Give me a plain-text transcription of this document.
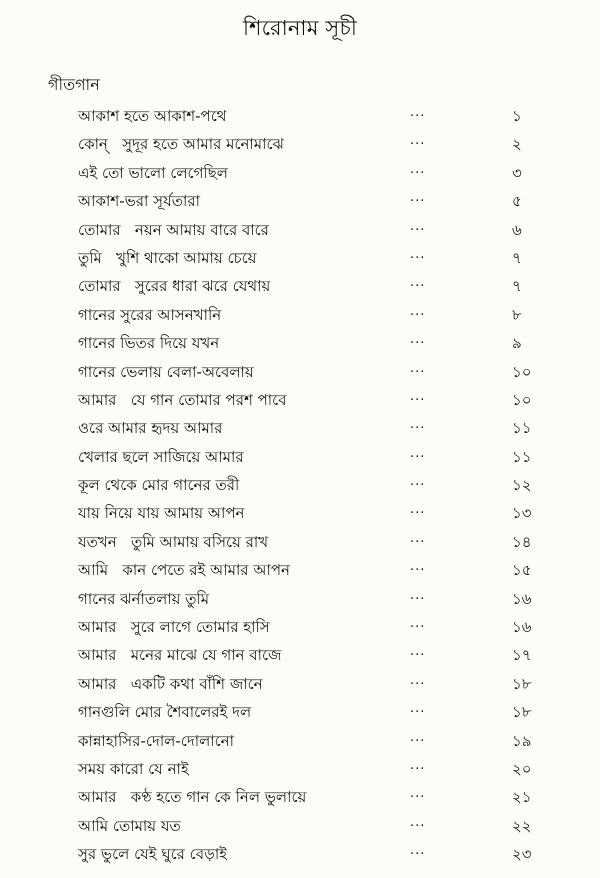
শিরোনাম সূচী
গীতগান
আকাশ হতে আকাশ-পথে	...	১
কোন্   সুদূর হতে আমার মনোমাঝে	...	২
এই তো ভালো লেগেছিল	...	৩
আকাশ-ভরা সূর্যতারা	...	৫
তোমার   নয়ন আমায় বারে বারে	...	৬
তুমি   খুশি থাকো আমায় চেয়ে	...	৭
তোমার   সুরের ধারা ঝরে যেথায়	...	৭
গানের সুরের আসনখানি	...	৮
গানের ভিতর দিয়ে যখন	...	৯
গানের ভেলায় বেলা-অবেলায়	...	১০
আমার   যে গান তোমার পরশ পাবে	...	১০
ওরে আমার হৃদয় আমার	...	১১
খেলার ছলে সাজিয়ে আমার	...	১১
কূল থেকে মোর গানের তরী	...	১২
যায় নিয়ে যায় আমায় আপন	...	১৩
যতখন   তুমি আমায় বসিয়ে রাখ	...	১৪
আমি   কান পেতে রই আমার আপন	...	১৫
গানের ঝর্নাতলায় তুমি	...	১৬
আমার   সুরে লাগে তোমার হাসি	...	১৬
আমার   মনের মাঝে যে গান বাজে	...	১৭
আমার   একটি কথা বাঁশি জানে	...	১৮
গানগুলি মোর শৈবালেরই দল	...	১৮
কান্নাহাসির-দোল-দোলানো	...	১৯
সময় কারো যে নাই	...	২০
আমার   কণ্ঠ হতে গান কে নিল ভুলায়ে	...	২১
আমি তোমায় যত	...	২২
সুর ভুলে যেই ঘুরে বেড়াই	...	২৩
